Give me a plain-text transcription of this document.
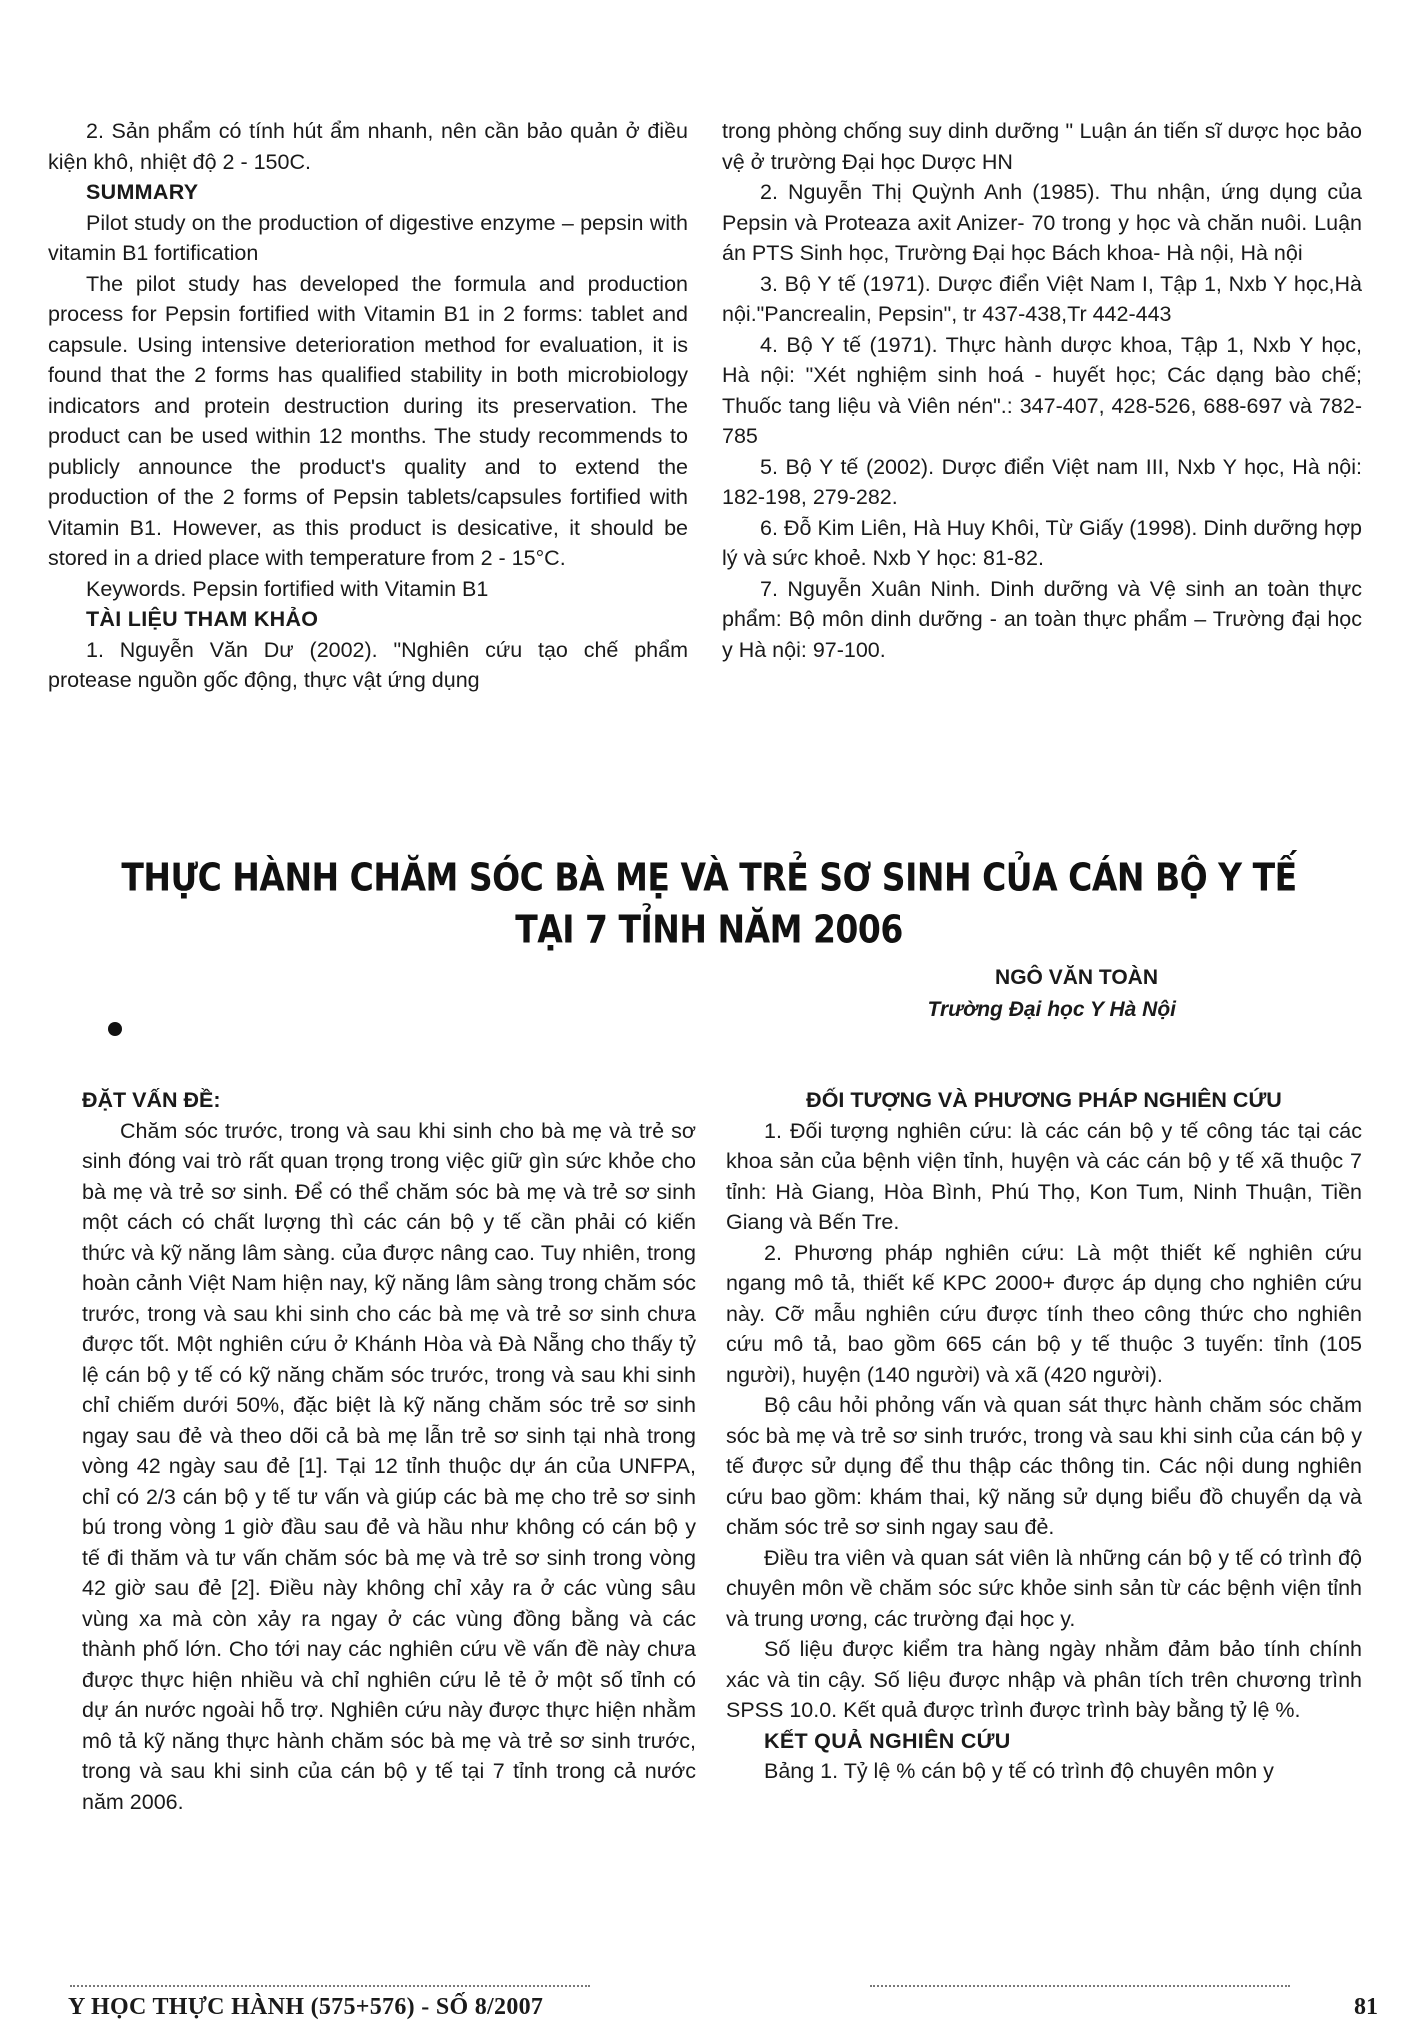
2. Sản phẩm có tính hút ẩm nhanh, nên cần bảo quản ở điều kiện khô, nhiệt độ 2 - 150C.

SUMMARY

Pilot study on the production of digestive enzyme – pepsin with vitamin B1 fortification

The pilot study has developed the formula and production process for Pepsin fortified with Vitamin B1 in 2 forms: tablet and capsule. Using intensive deterioration method for evaluation, it is found that the 2 forms has qualified stability in both microbiology indicators and protein destruction during its preservation. The product can be used within 12 months. The study recommends to publicly announce the product's quality and to extend the production of the 2 forms of Pepsin tablets/capsules fortified with Vitamin B1. However, as this product is desicative, it should be stored in a dried place with temperature from 2 - 15°C.

Keywords. Pepsin fortified with Vitamin B1

TÀI LIỆU THAM KHẢO

1. Nguyễn Văn Dư (2002). "Nghiên cứu tạo chế phẩm protease nguồn gốc động, thực vật ứng dụng

trong phòng chống suy dinh dưỡng " Luận án tiến sĩ dược học bảo vệ ở trường Đại học Dược HN

2. Nguyễn Thị Quỳnh Anh (1985). Thu nhận, ứng dụng của Pepsin và Proteaza axit Anizer- 70 trong y học và chăn nuôi. Luận án PTS Sinh học, Trường Đại học Bách khoa- Hà nội, Hà nội

3. Bộ Y tế (1971). Dược điển Việt Nam I, Tập 1, Nxb Y học,Hà nội."Pancrealin, Pepsin", tr 437-438,Tr 442-443

4. Bộ Y tế (1971). Thực hành dược khoa, Tập 1, Nxb Y học, Hà nội: "Xét nghiệm sinh hoá - huyết học; Các dạng bào chế; Thuốc tang liệu và Viên nén".: 347-407, 428-526, 688-697 và 782-785

5. Bộ Y tế (2002). Dược điển Việt nam III, Nxb Y học, Hà nội: 182-198, 279-282.

6. Đỗ Kim Liên, Hà Huy Khôi, Từ Giấy (1998). Dinh dưỡng hợp lý và sức khoẻ. Nxb Y học: 81-82.

7. Nguyễn Xuân Ninh. Dinh dưỡng và Vệ sinh an toàn thực phẩm: Bộ môn dinh dưỡng - an toàn thực phẩm – Trường đại học y Hà nội: 97-100.

THỰC HÀNH CHĂM SÓC BÀ MẸ VÀ TRẺ SƠ SINH CỦA CÁN BỘ Y TẾ
TẠI 7 TỈNH NĂM 2006
NGÔ VĂN TOÀN
Trường Đại học Y Hà Nội

ĐẶT VẤN ĐỀ:

Chăm sóc trước, trong và sau khi sinh cho bà mẹ và trẻ sơ sinh đóng vai trò rất quan trọng trong việc giữ gìn sức khỏe cho bà mẹ và trẻ sơ sinh. Để có thể chăm sóc bà mẹ và trẻ sơ sinh một cách có chất lượng thì các cán bộ y tế cần phải có kiến thức và kỹ năng lâm sàng. của được nâng cao. Tuy nhiên, trong hoàn cảnh Việt Nam hiện nay, kỹ năng lâm sàng trong chăm sóc trước, trong và sau khi sinh cho các bà mẹ và trẻ sơ sinh chưa được tốt. Một nghiên cứu ở Khánh Hòa và Đà Nẵng cho thấy tỷ lệ cán bộ y tế có kỹ năng chăm sóc trước, trong và sau khi sinh chỉ chiếm dưới 50%, đặc biệt là kỹ năng chăm sóc trẻ sơ sinh ngay sau đẻ và theo dõi cả bà mẹ lẫn trẻ sơ sinh tại nhà trong vòng 42 ngày sau đẻ [1]. Tại 12 tỉnh thuộc dự án của UNFPA, chỉ có 2/3 cán bộ y tế tư vấn và giúp các bà mẹ cho trẻ sơ sinh bú trong vòng 1 giờ đầu sau đẻ và hầu như không có cán bộ y tế đi thăm và tư vấn chăm sóc bà mẹ và trẻ sơ sinh trong vòng 42 giờ sau đẻ [2]. Điều này không chỉ xảy ra ở các vùng sâu vùng xa mà còn xảy ra ngay ở các vùng đồng bằng và các thành phố lớn. Cho tới nay các nghiên cứu về vấn đề này chưa được thực hiện nhiều và chỉ nghiên cứu lẻ tẻ ở một số tỉnh có dự án nước ngoài hỗ trợ. Nghiên cứu này được thực hiện nhằm mô tả kỹ năng thực hành chăm sóc bà mẹ và trẻ sơ sinh trước, trong và sau khi sinh của cán bộ y tế tại 7 tỉnh trong cả nước năm 2006.

ĐỐI TƯỢNG VÀ PHƯƠNG PHÁP NGHIÊN CỨU

1. Đối tượng nghiên cứu: là các cán bộ y tế công tác tại các khoa sản của bệnh viện tỉnh, huyện và các cán bộ y tế xã thuộc 7 tỉnh: Hà Giang, Hòa Bình, Phú Thọ, Kon Tum, Ninh Thuận, Tiền Giang và Bến Tre.

2. Phương pháp nghiên cứu: Là một thiết kế nghiên cứu ngang mô tả, thiết kế KPC 2000+ được áp dụng cho nghiên cứu này. Cỡ mẫu nghiên cứu được tính theo công thức cho nghiên cứu mô tả, bao gồm 665 cán bộ y tế thuộc 3 tuyến: tỉnh (105 người), huyện (140 người) và xã (420 người).

Bộ câu hỏi phỏng vấn và quan sát thực hành chăm sóc chăm sóc bà mẹ và trẻ sơ sinh trước, trong và sau khi sinh của cán bộ y tế được sử dụng để thu thập các thông tin. Các nội dung nghiên cứu bao gồm: khám thai, kỹ năng sử dụng biểu đồ chuyển dạ và chăm sóc trẻ sơ sinh ngay sau đẻ.

Điều tra viên và quan sát viên là những cán bộ y tế có trình độ chuyên môn về chăm sóc sức khỏe sinh sản từ các bệnh viện tỉnh và trung ương, các trường đại học y.

Số liệu được kiểm tra hàng ngày nhằm đảm bảo tính chính xác và tin cậy. Số liệu được nhập và phân tích trên chương trình SPSS 10.0. Kết quả được trình được trình bày bằng tỷ lệ %.

KẾT QUẢ NGHIÊN CỨU

Bảng 1. Tỷ lệ % cán bộ y tế có trình độ chuyên môn y

Y HỌC THỰC HÀNH (575+576) - SỐ 8/2007	81
